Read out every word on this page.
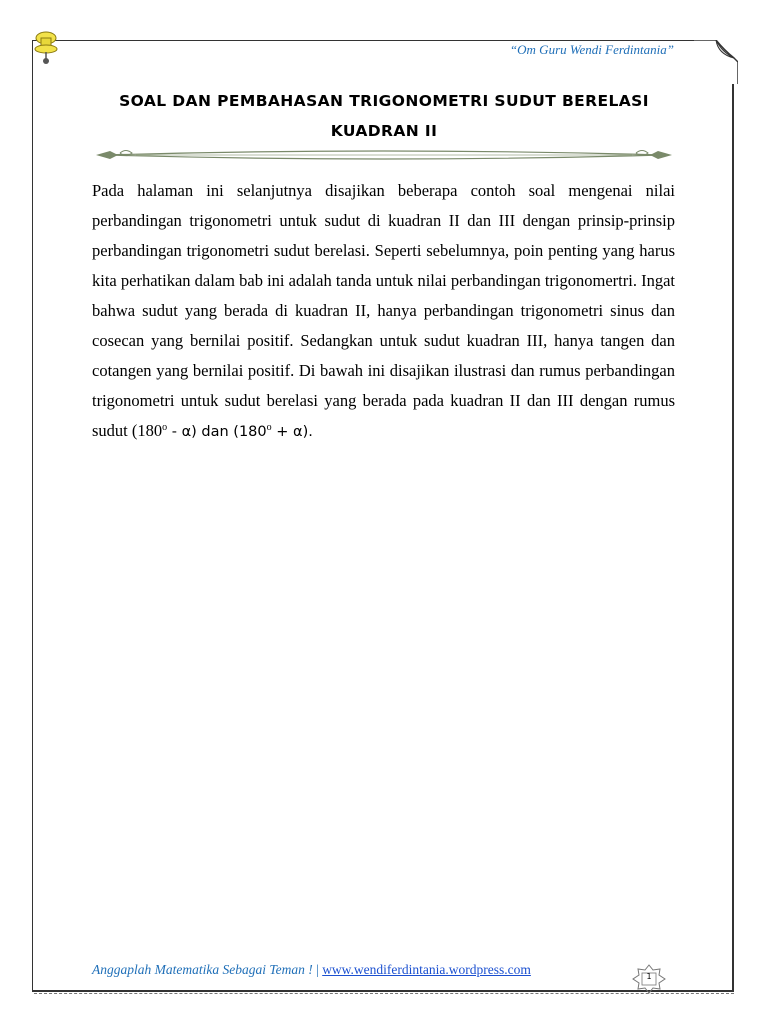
“Om Guru Wendi Ferdintania”
SOAL DAN PEMBAHASAN TRIGONOMETRI SUDUT BERELASI
KUADRAN II
Pada halaman ini selanjutnya disajikan beberapa contoh soal mengenai nilai perbandingan trigonometri untuk sudut di kuadran II dan III dengan prinsip-prinsip perbandingan trigonometri sudut berelasi. Seperti sebelumnya, poin penting yang harus kita perhatikan dalam bab ini adalah tanda untuk nilai perbandingan trigonomertri. Ingat bahwa sudut yang berada di kuadran II, hanya perbandingan trigonometri sinus dan cosecan yang bernilai positif. Sedangkan untuk sudut kuadran III, hanya tangen dan cotangen yang bernilai positif. Di bawah ini disajikan ilustrasi dan rumus perbandingan trigonometri untuk sudut berelasi yang berada pada kuadran II dan III dengan rumus sudut (180$^o$ - α) dan $(180^o + \alpha)$.
Anggaplah Matematika Sebagai Teman ! | www.wendiferdintania.wordpress.com	1
